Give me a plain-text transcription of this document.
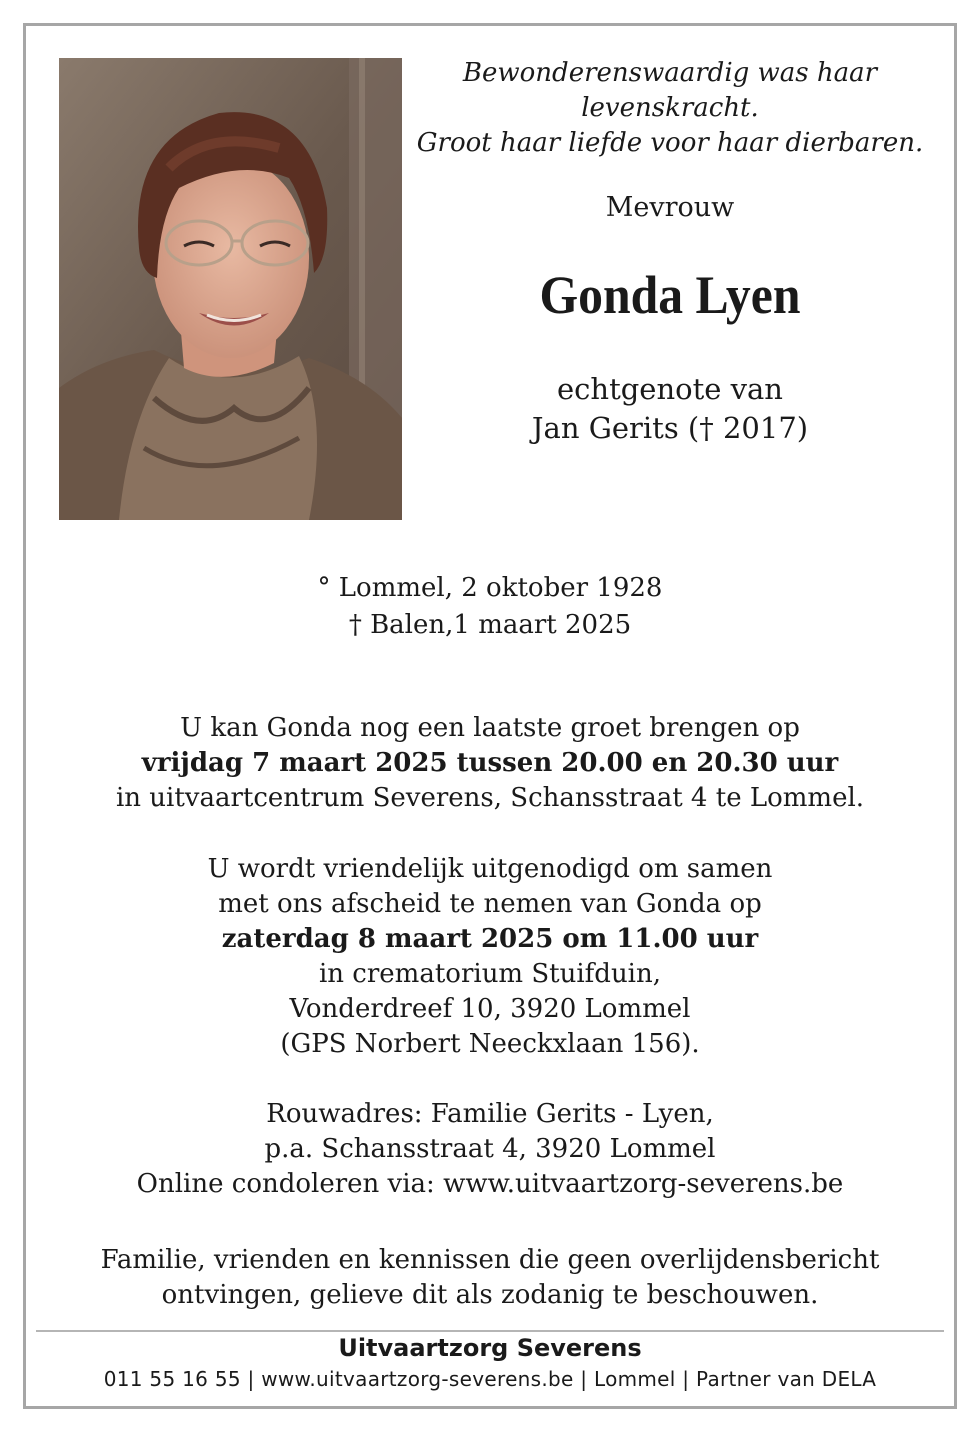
Bewonderenswaardig was haar
levenskracht.
Groot haar liefde voor haar dierbaren.
Mevrouw
Gonda Lyen
echtgenote van
Jan Gerits († 2017)
° Lommel, 2 oktober 1928
† Balen,1 maart 2025
U kan Gonda nog een laatste groet brengen op
vrijdag 7 maart 2025 tussen 20.00 en 20.30 uur
in uitvaartcentrum Severens, Schansstraat 4 te Lommel.
U wordt vriendelijk uitgenodigd om samen
met ons afscheid te nemen van Gonda op
zaterdag 8 maart 2025 om 11.00 uur
in crematorium Stuifduin,
Vonderdreef 10, 3920 Lommel
(GPS Norbert Neeckxlaan 156).
Rouwadres: Familie Gerits - Lyen,
p.a. Schansstraat 4, 3920 Lommel
Online condoleren via: www.uitvaartzorg-severens.be
Familie, vrienden en kennissen die geen overlijdensbericht
ontvingen, gelieve dit als zodanig te beschouwen.
Uitvaartzorg Severens
011 55 16 55 | www.uitvaartzorg-severens.be | Lommel | Partner van DELA
